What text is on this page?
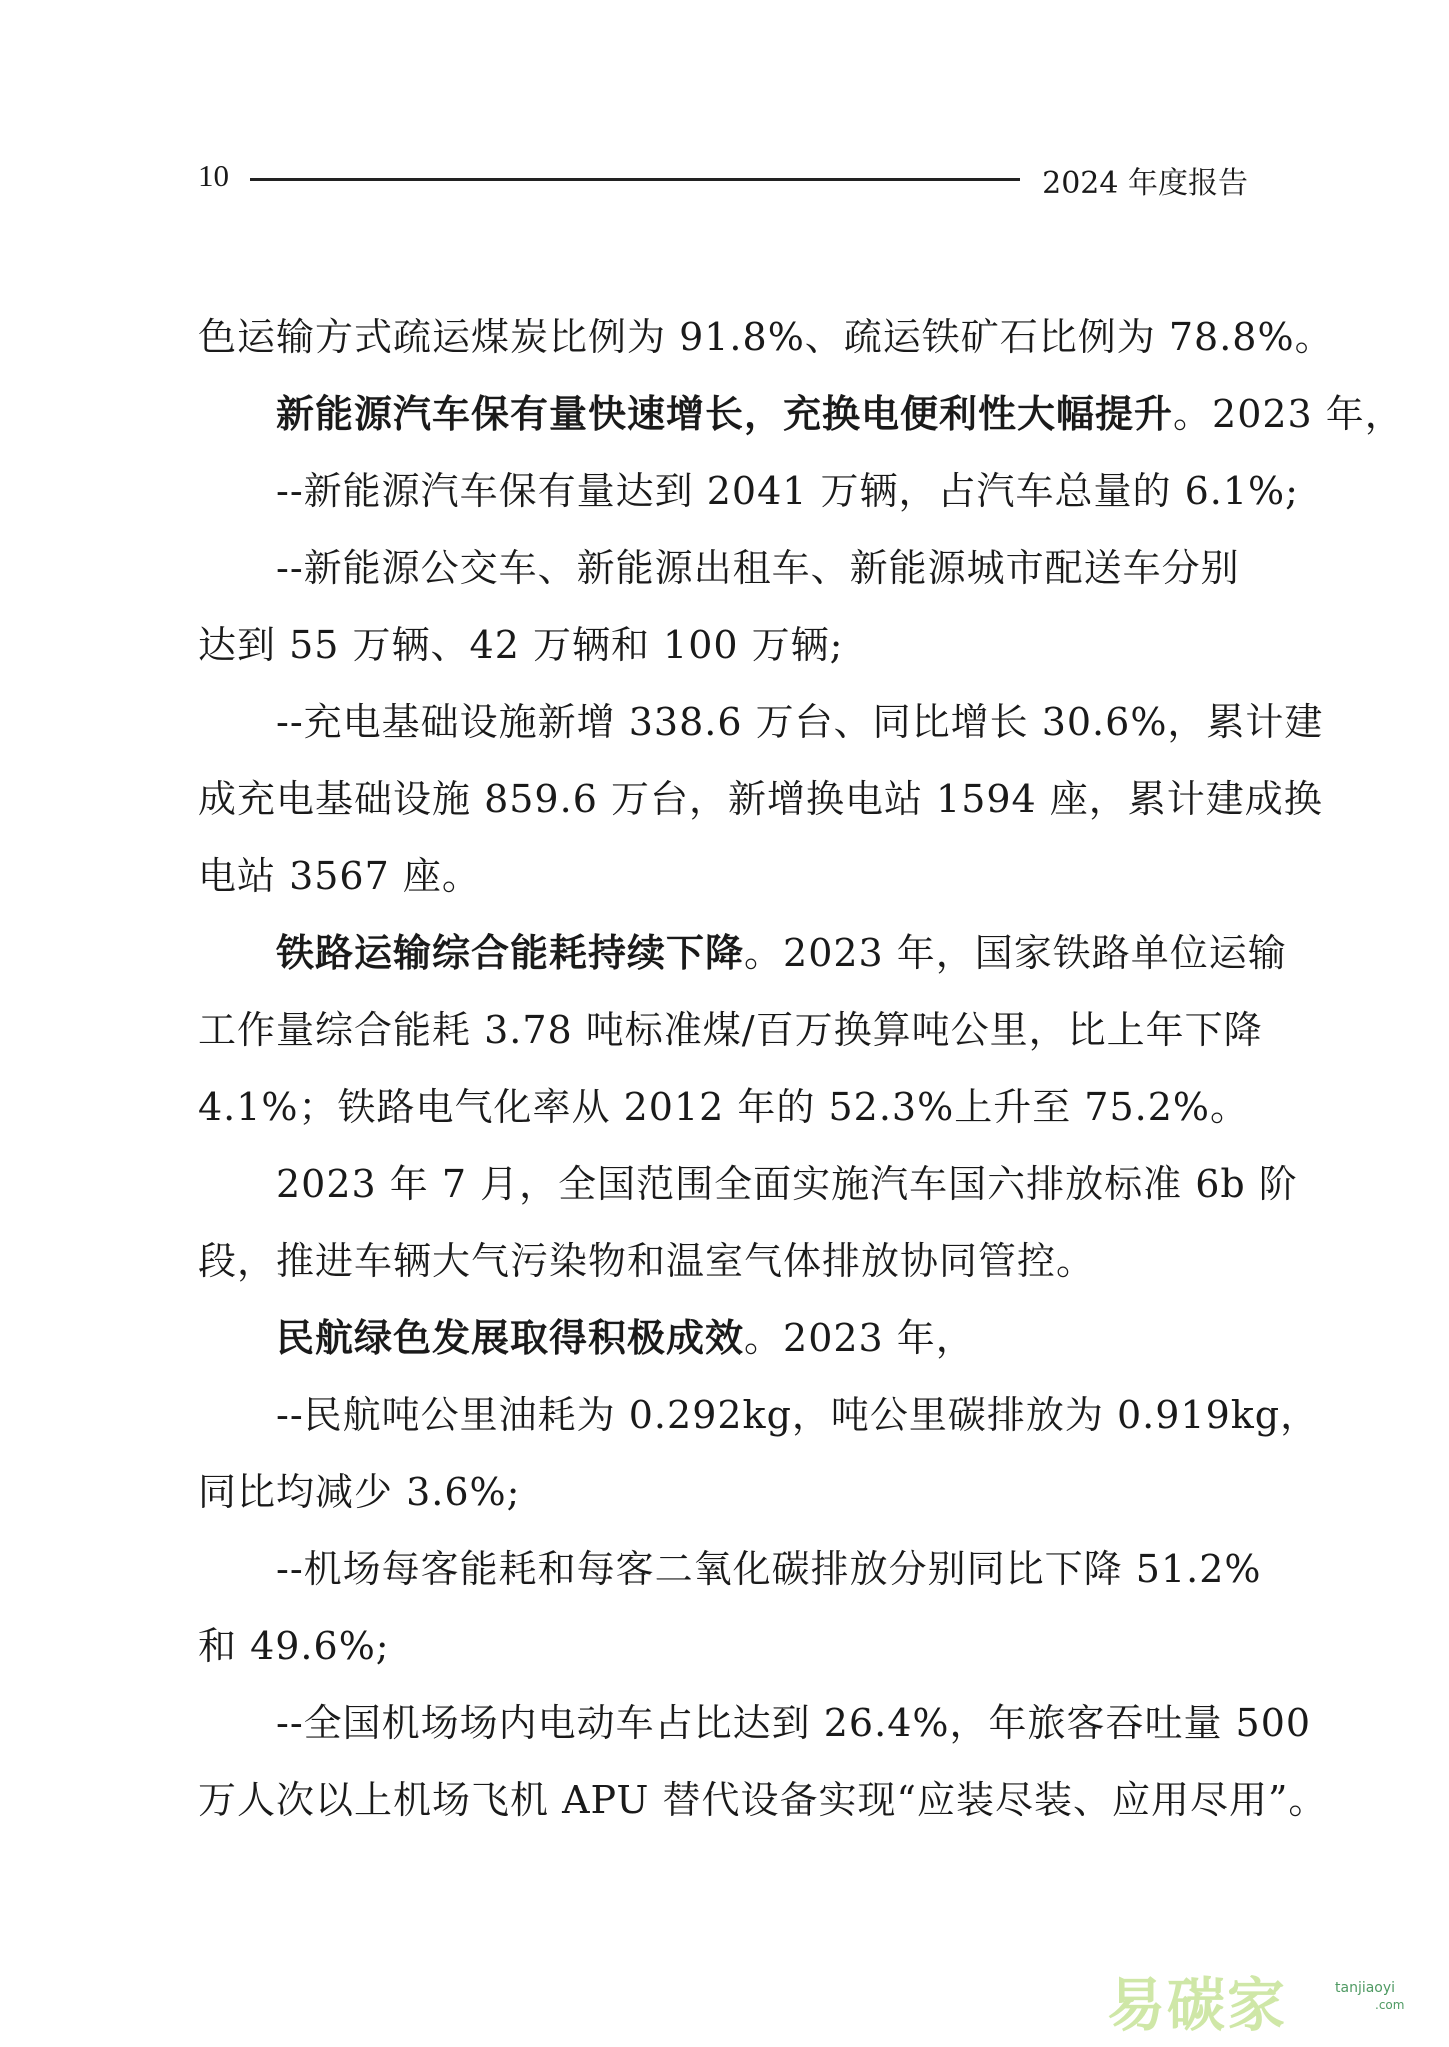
10	2024 年度报告
色运输方式疏运煤炭比例为 91.8%、疏运铁矿石比例为 78.8%。
新能源汽车保有量快速增长，充换电便利性大幅提升。2023 年，
--新能源汽车保有量达到 2041 万辆，占汽车总量的 6.1%;
--新能源公交车、新能源出租车、新能源城市配送车分别
达到 55 万辆、42 万辆和 100 万辆;
--充电基础设施新增 338.6 万台、同比增长 30.6%，累计建
成充电基础设施 859.6 万台，新增换电站 1594 座，累计建成换
电站 3567 座。
铁路运输综合能耗持续下降。2023 年，国家铁路单位运输
工作量综合能耗 3.78 吨标准煤/百万换算吨公里，比上年下降
4.1%；铁路电气化率从 2012 年的 52.3%上升至 75.2%。
2023 年 7 月，全国范围全面实施汽车国六排放标准 6b 阶
段，推进车辆大气污染物和温室气体排放协同管控。
民航绿色发展取得积极成效。2023 年，
--民航吨公里油耗为 0.292kg，吨公里碳排放为 0.919kg，
同比均减少 3.6%;
--机场每客能耗和每客二氧化碳排放分别同比下降 51.2%
和 49.6%;
--全国机场场内电动车占比达到 26.4%，年旅客吞吐量 500
万人次以上机场飞机 APU 替代设备实现“应装尽装、应用尽用”。
易碳家	tanjiaoyi
.com
